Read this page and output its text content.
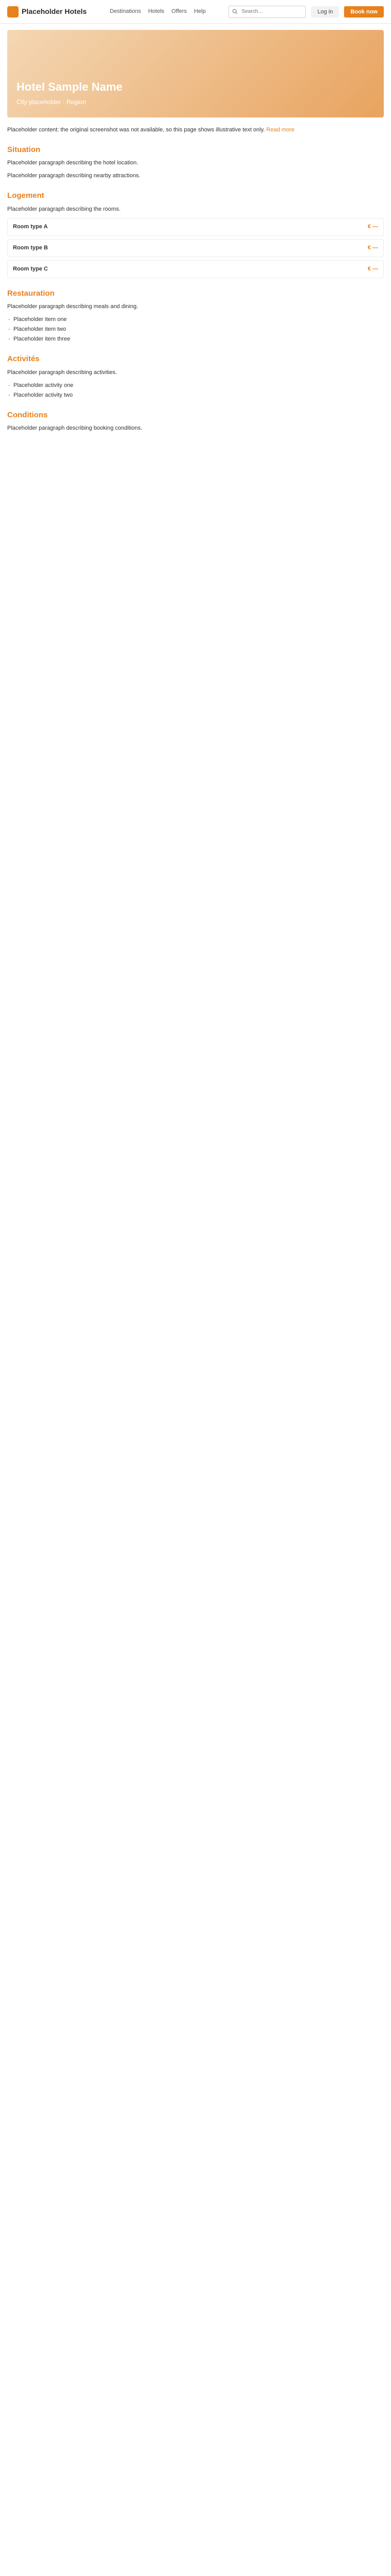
Placeholder Hotels	Destinations Hotels Offers Help
Search…	Log in	Book now
Hotel Sample Name
City placeholder · Region

Placeholder content: the original screenshot was not available, so this page shows illustrative text only. Read more

Situation

Placeholder paragraph describing the hotel location.

Placeholder paragraph describing nearby attractions.

Logement

Placeholder paragraph describing the rooms.

Room type A	€ —
Room type B	€ —
Room type C	€ —
Restauration

Placeholder paragraph describing meals and dining.

- Placeholder item one
- Placeholder item two
- Placeholder item three
Activités

Placeholder paragraph describing activities.

- Placeholder activity one
- Placeholder activity two
Conditions

Placeholder paragraph describing booking conditions.
